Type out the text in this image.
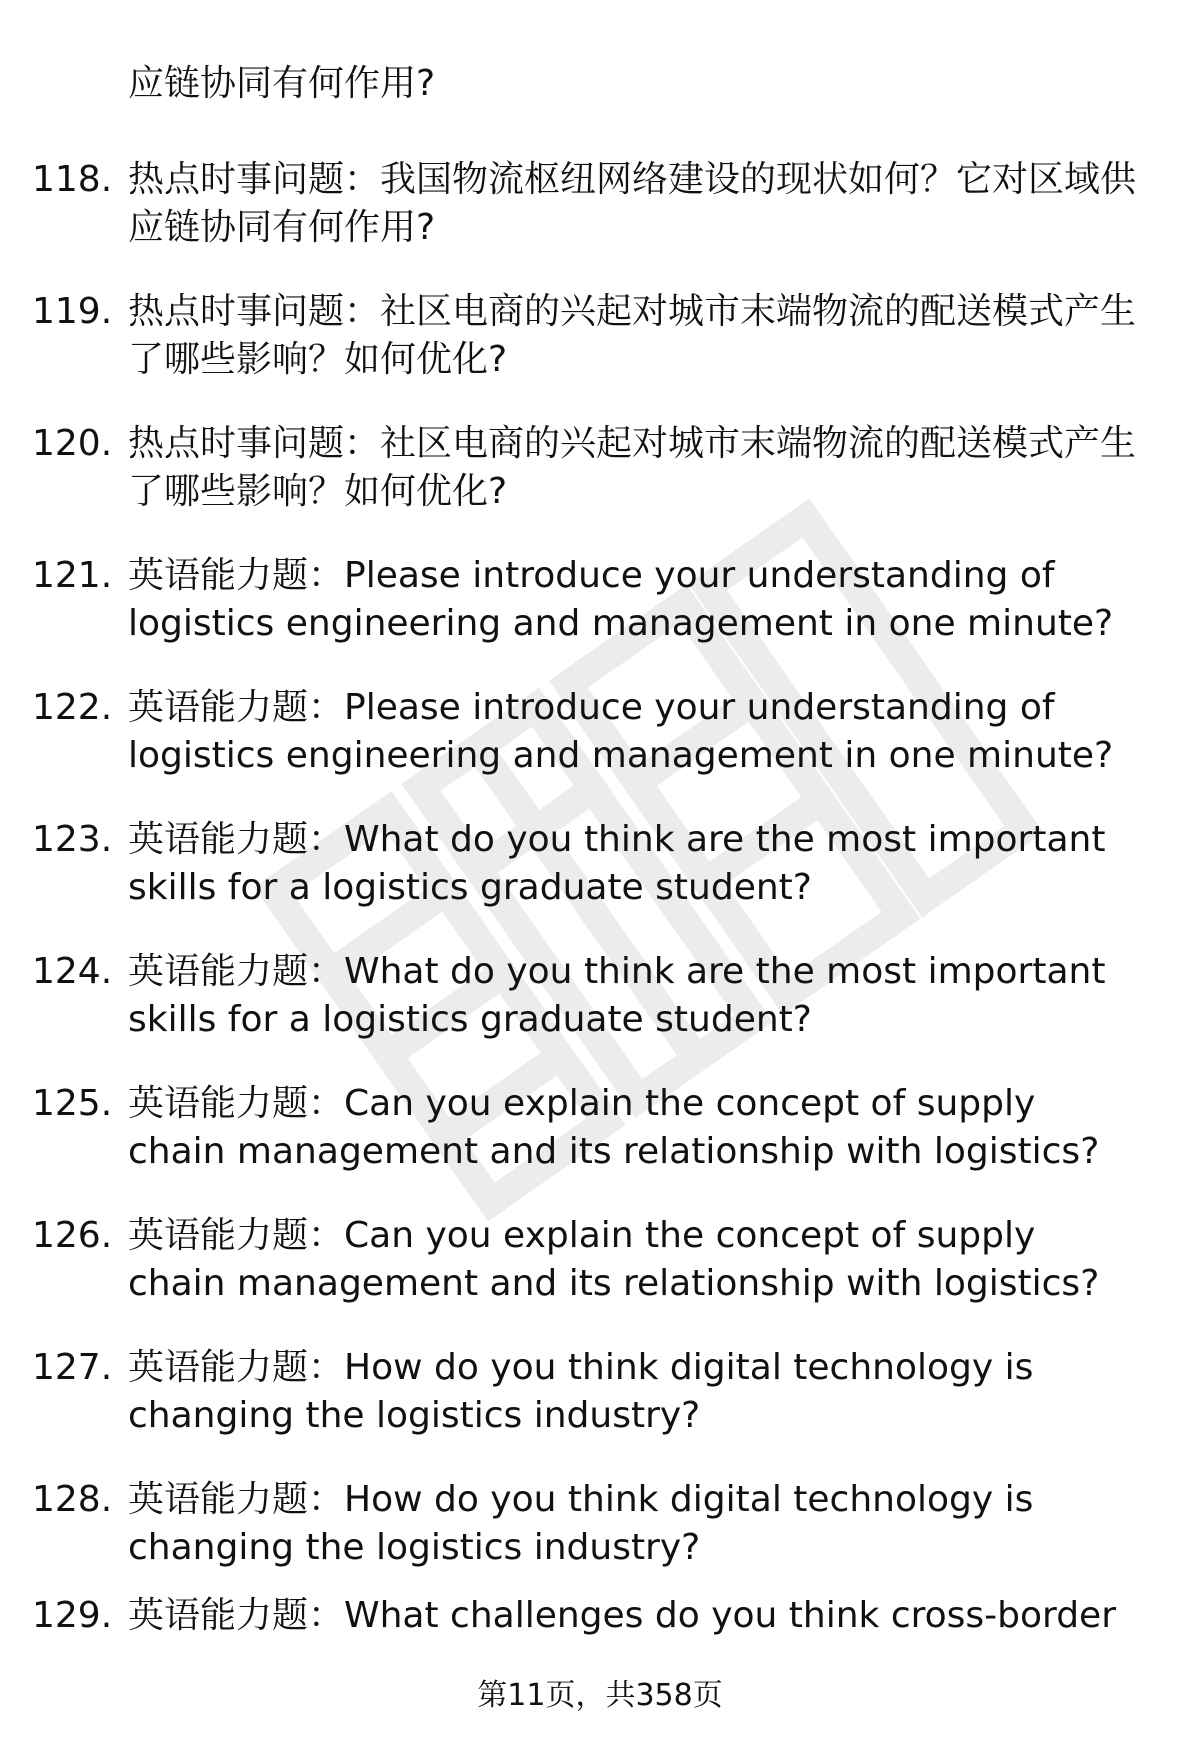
应链协同有何作用?
118. 热点时事问题：我国物流枢纽网络建设的现状如何？它对区域供应链协同有何作用?
119. 热点时事问题：社区电商的兴起对城市末端物流的配送模式产生了哪些影响？如何优化?
120. 热点时事问题：社区电商的兴起对城市末端物流的配送模式产生了哪些影响？如何优化?
121. 英语能力题：Please introduce your understanding of logistics engineering and management in one minute?
122. 英语能力题：Please introduce your understanding of logistics engineering and management in one minute?
123. 英语能力题：What do you think are the most important skills for a logistics graduate student?
124. 英语能力题：What do you think are the most important skills for a logistics graduate student?
125. 英语能力题：Can you explain the concept of supply chain management and its relationship with logistics?
126. 英语能力题：Can you explain the concept of supply chain management and its relationship with logistics?
127. 英语能力题：How do you think digital technology is changing the logistics industry?
128. 英语能力题：How do you think digital technology is changing the logistics industry?
129. 英语能力题：What challenges do you think cross-border
第11页，共358页
